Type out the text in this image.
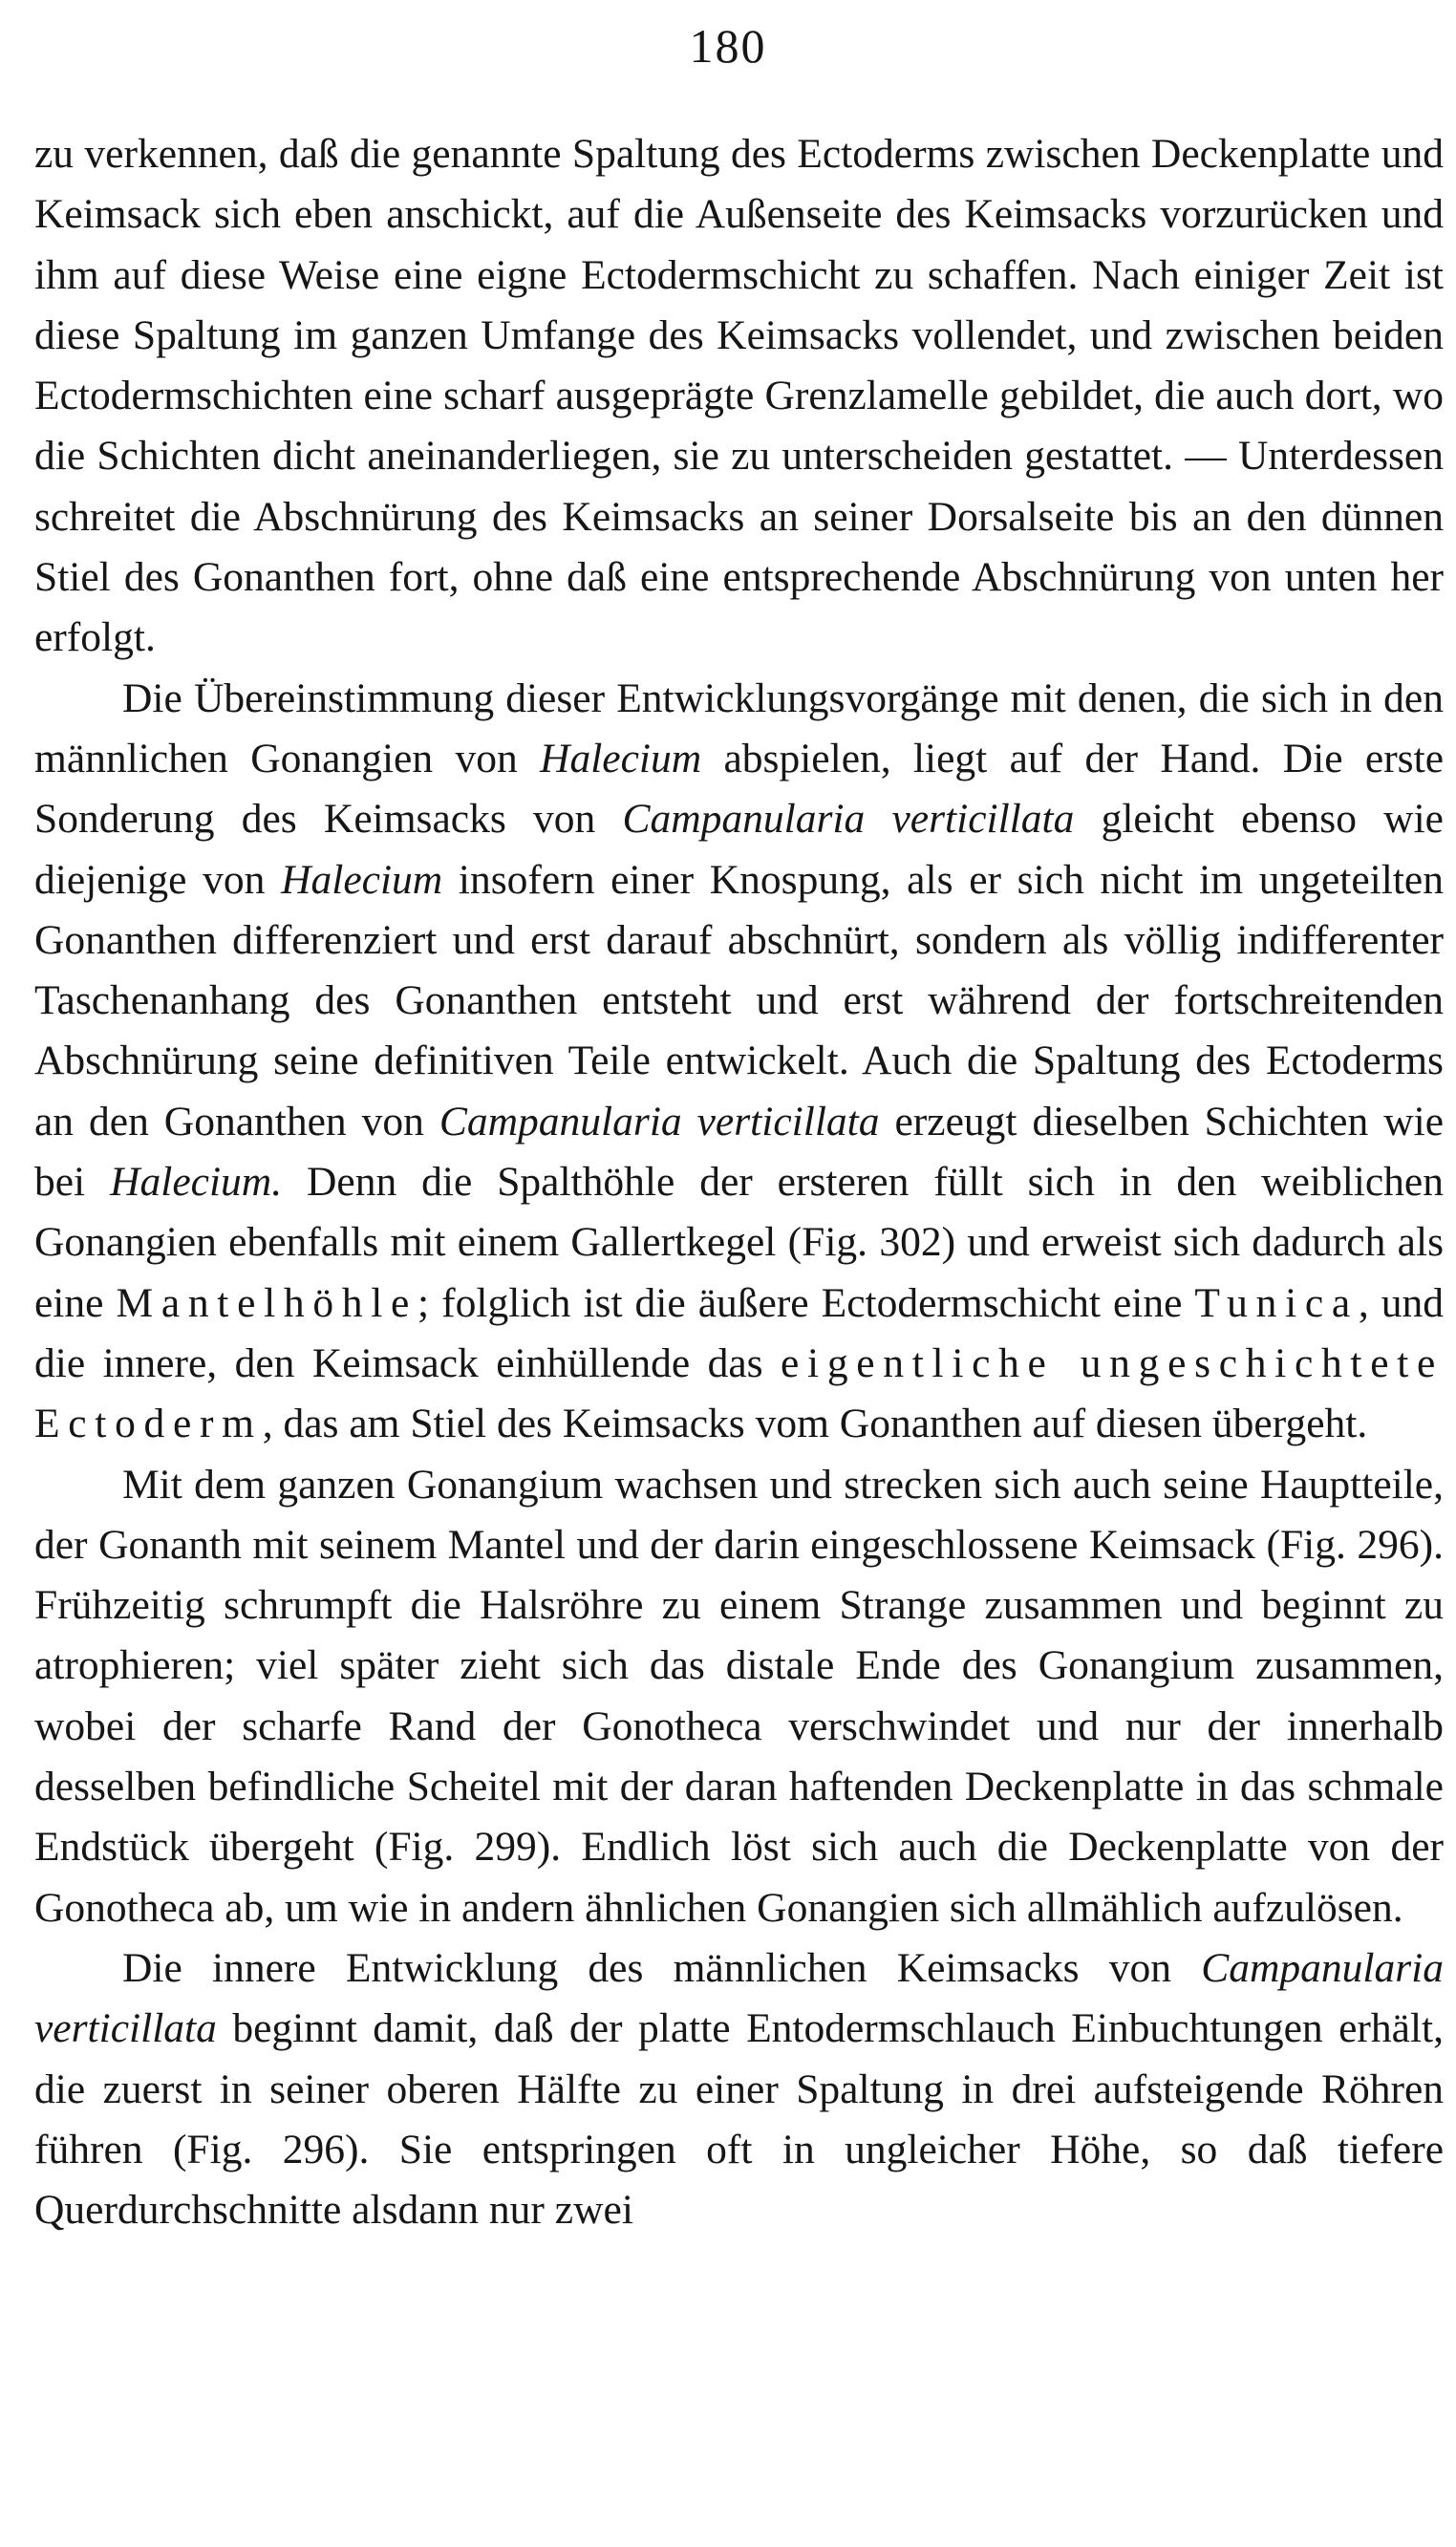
180

zu verkennen, daß die genannte Spaltung des Ectoderms zwischen Deckenplatte und Keimsack sich eben anschickt, auf die Außenseite des Keimsacks vorzurücken und ihm auf diese Weise eine eigne Ectodermschicht zu schaffen. Nach einiger Zeit ist diese Spaltung im ganzen Umfange des Keimsacks vollendet, und zwischen beiden Ectodermschichten eine scharf ausgeprägte Grenzlamelle gebildet, die auch dort, wo die Schichten dicht aneinanderliegen, sie zu unterscheiden gestattet. — Unterdessen schreitet die Abschnürung des Keimsacks an seiner Dorsalseite bis an den dünnen Stiel des Gonanthen fort, ohne daß eine entsprechende Abschnürung von unten her erfolgt.

Die Übereinstimmung dieser Entwicklungsvorgänge mit denen, die sich in den männlichen Gonangien von Halecium abspielen, liegt auf der Hand. Die erste Sonderung des Keimsacks von Campanularia verticillata gleicht ebenso wie diejenige von Halecium insofern einer Knospung, als er sich nicht im ungeteilten Gonanthen differenziert und erst darauf abschnürt, sondern als völlig indifferenter Taschenanhang des Gonanthen entsteht und erst während der fortschreitenden Abschnürung seine definitiven Teile entwickelt. Auch die Spaltung des Ectoderms an den Gonanthen von Campanularia verticillata erzeugt dieselben Schichten wie bei Halecium. Denn die Spalthöhle der ersteren füllt sich in den weiblichen Gonangien ebenfalls mit einem Gallertkegel (Fig. 302) und erweist sich dadurch als eine Mantelhöhle; folglich ist die äußere Ectodermschicht eine Tunica, und die innere, den Keimsack einhüllende das eigentliche ungeschichtete Ectoderm, das am Stiel des Keimsacks vom Gonanthen auf diesen übergeht.

Mit dem ganzen Gonangium wachsen und strecken sich auch seine Hauptteile, der Gonanth mit seinem Mantel und der darin eingeschlossene Keimsack (Fig. 296). Frühzeitig schrumpft die Halsröhre zu einem Strange zusammen und beginnt zu atrophieren; viel später zieht sich das distale Ende des Gonangium zusammen, wobei der scharfe Rand der Gonotheca verschwindet und nur der innerhalb desselben befindliche Scheitel mit der daran haftenden Deckenplatte in das schmale Endstück übergeht (Fig. 299). Endlich löst sich auch die Deckenplatte von der Gonotheca ab, um wie in andern ähnlichen Gonangien sich allmählich aufzulösen.

Die innere Entwicklung des männlichen Keimsacks von Campanularia verticillata beginnt damit, daß der platte Entodermschlauch Einbuchtungen erhält, die zuerst in seiner oberen Hälfte zu einer Spaltung in drei aufsteigende Röhren führen (Fig. 296). Sie entspringen oft in ungleicher Höhe, so daß tiefere Querdurchschnitte alsdann nur zwei
